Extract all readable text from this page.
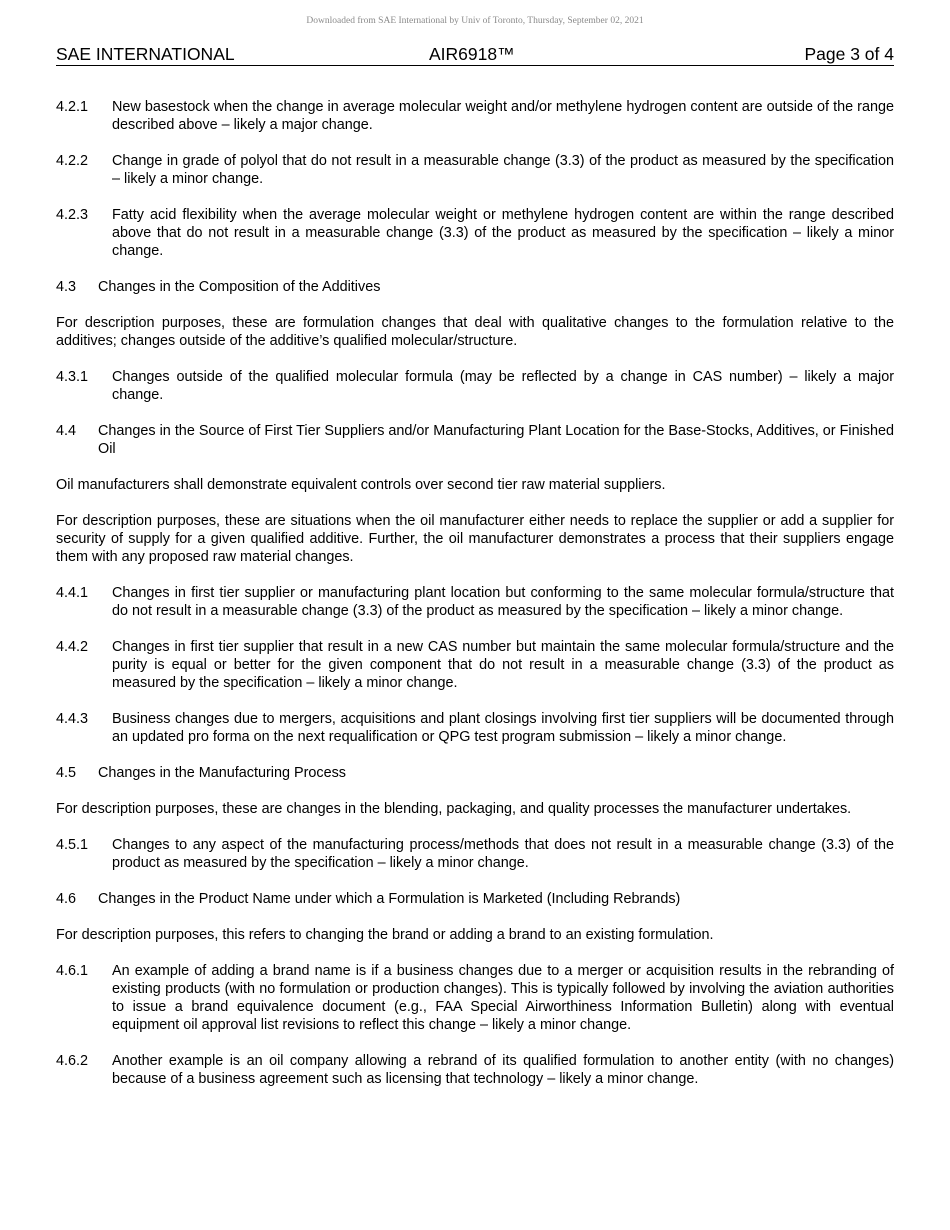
Downloaded from SAE International by Univ of Toronto, Thursday, September 02, 2021
SAE INTERNATIONAL	AIR6918™	Page 3 of 4
4.2.1	New basestock when the change in average molecular weight and/or methylene hydrogen content are outside of the range described above – likely a major change.
4.2.2	Change in grade of polyol that do not result in a measurable change (3.3) of the product as measured by the specification – likely a minor change.
4.2.3	Fatty acid flexibility when the average molecular weight or methylene hydrogen content are within the range described above that do not result in a measurable change (3.3) of the product as measured by the specification – likely a minor change.
4.3	Changes in the Composition of the Additives

For description purposes, these are formulation changes that deal with qualitative changes to the formulation relative to the additives; changes outside of the additive’s qualified molecular/structure.

4.3.1	Changes outside of the qualified molecular formula (may be reflected by a change in CAS number) – likely a major change.
4.4	Changes in the Source of First Tier Suppliers and/or Manufacturing Plant Location for the Base-Stocks, Additives, or Finished Oil

Oil manufacturers shall demonstrate equivalent controls over second tier raw material suppliers.

For description purposes, these are situations when the oil manufacturer either needs to replace the supplier or add a supplier for security of supply for a given qualified additive. Further, the oil manufacturer demonstrates a process that their suppliers engage them with any proposed raw material changes.

4.4.1	Changes in first tier supplier or manufacturing plant location but conforming to the same molecular formula/structure that do not result in a measurable change (3.3) of the product as measured by the specification – likely a minor change.
4.4.2	Changes in first tier supplier that result in a new CAS number but maintain the same molecular formula/structure and the purity is equal or better for the given component that do not result in a measurable change (3.3) of the product as measured by the specification – likely a minor change.
4.4.3	Business changes due to mergers, acquisitions and plant closings involving first tier suppliers will be documented through an updated pro forma on the next requalification or QPG test program submission – likely a minor change.
4.5	Changes in the Manufacturing Process

For description purposes, these are changes in the blending, packaging, and quality processes the manufacturer undertakes.

4.5.1	Changes to any aspect of the manufacturing process/methods that does not result in a measurable change (3.3) of the product as measured by the specification – likely a minor change.
4.6	Changes in the Product Name under which a Formulation is Marketed (Including Rebrands)

For description purposes, this refers to changing the brand or adding a brand to an existing formulation.

4.6.1	An example of adding a brand name is if a business changes due to a merger or acquisition results in the rebranding of existing products (with no formulation or production changes). This is typically followed by involving the aviation authorities to issue a brand equivalence document (e.g., FAA Special Airworthiness Information Bulletin) along with eventual equipment oil approval list revisions to reflect this change – likely a minor change.
4.6.2	Another example is an oil company allowing a rebrand of its qualified formulation to another entity (with no changes) because of a business agreement such as licensing that technology – likely a minor change.
